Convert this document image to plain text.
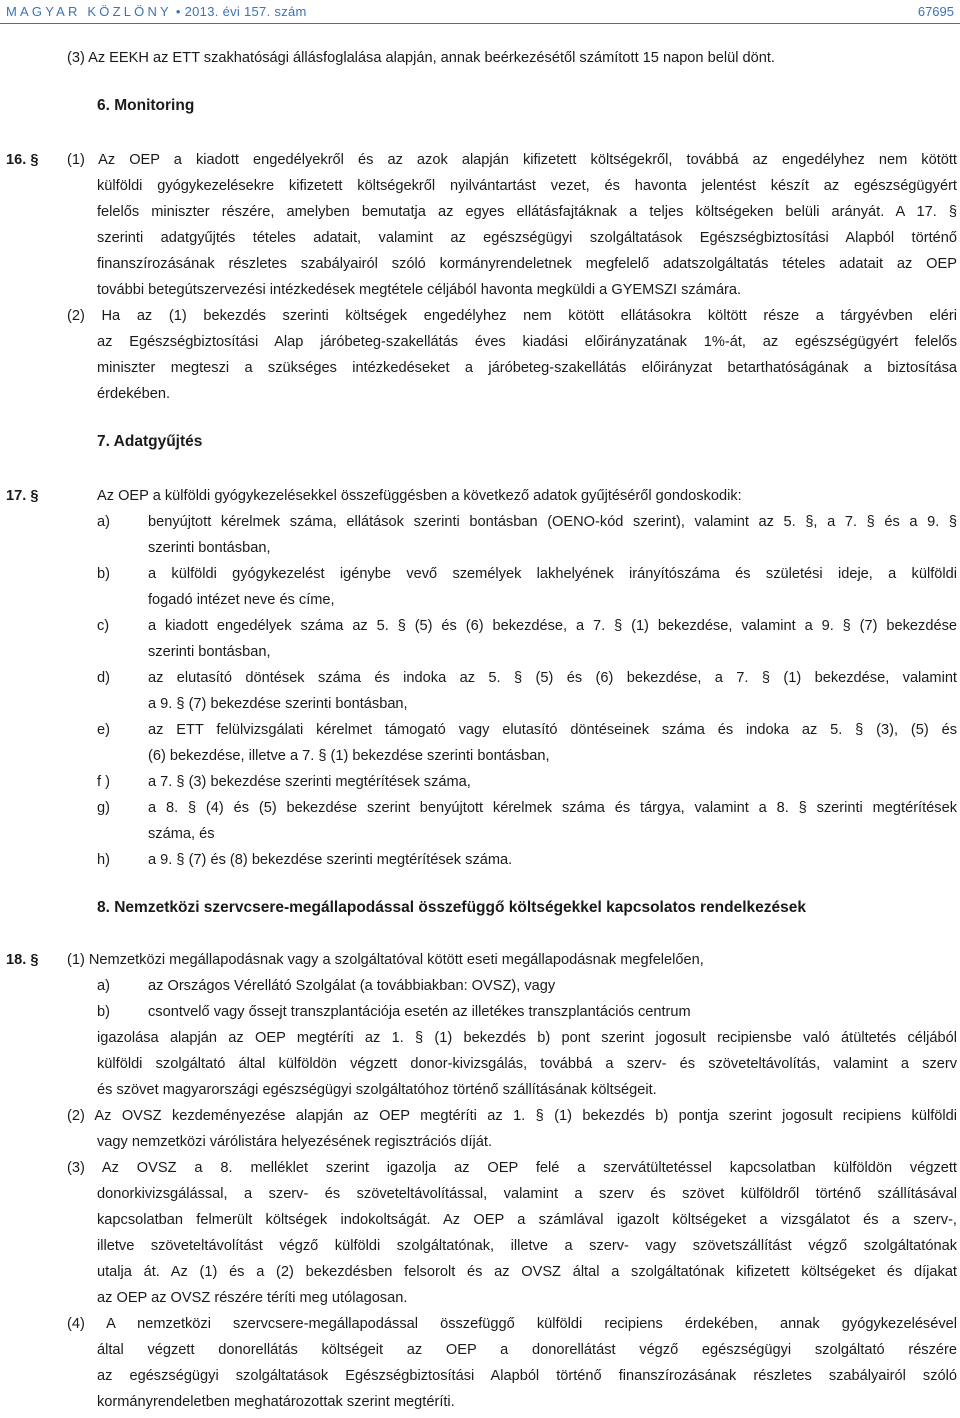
MAGYAR KÖZLÖNY • 2013. évi 157. szám	67695
(3) Az EEKH az ETT szakhatósági állásfoglalása alapján, annak beérkezésétől számított 15 napon belül dönt.
6. Monitoring
16. §	(1) Az OEP a kiadott engedélyekről és az azok alapján kifizetett költségekről, továbbá az engedélyhez nem kötött
külföldi gyógykezelésekre kifizetett költségekről nyilvántartást vezet, és havonta jelentést készít az egészségügyért
felelős miniszter részére, amelyben bemutatja az egyes ellátásfajtáknak a teljes költségeken belüli arányát. A 17. §
szerinti adatgyűjtés tételes adatait, valamint az egészségügyi szolgáltatások Egészségbiztosítási Alapból történő
finanszírozásának részletes szabályairól szóló kormányrendeletnek megfelelő adatszolgáltatás tételes adatait az OEP
további betegútszervezési intézkedések megtétele céljából havonta megküldi a GYEMSZI számára.
(2) Ha az (1) bekezdés szerinti költségek engedélyhez nem kötött ellátásokra költött része a tárgyévben eléri
az Egészségbiztosítási Alap járóbeteg-szakellátás éves kiadási előirányzatának 1%-át, az egészségügyért felelős
miniszter megteszi a szükséges intézkedéseket a járóbeteg-szakellátás előirányzat betarthatóságának a biztosítása
érdekében.
7. Adatgyűjtés
17. §	Az OEP a külföldi gyógykezelésekkel összefüggésben a következő adatok gyűjtéséről gondoskodik:
a)	benyújtott kérelmek száma, ellátások szerinti bontásban (OENO-kód szerint), valamint az 5. §, a 7. § és a 9. §
szerinti bontásban,
b)	a külföldi gyógykezelést igénybe vevő személyek lakhelyének irányítószáma és születési ideje, a külföldi
fogadó intézet neve és címe,
c)	a kiadott engedélyek száma az 5. § (5) és (6) bekezdése, a 7. § (1) bekezdése, valamint a 9. § (7) bekezdése
szerinti bontásban,
d)	az elutasító döntések száma és indoka az 5. § (5) és (6) bekezdése, a 7. § (1) bekezdése, valamint
a 9. § (7) bekezdése szerinti bontásban,
e)	az ETT felülvizsgálati kérelmet támogató vagy elutasító döntéseinek száma és indoka az 5. § (3), (5) és
(6) bekezdése, illetve a 7. § (1) bekezdése szerinti bontásban,
f )	a 7. § (3) bekezdése szerinti megtérítések száma,
g)	a 8. § (4) és (5) bekezdése szerint benyújtott kérelmek száma és tárgya, valamint a 8. § szerinti megtérítések
száma, és
h)	a 9. § (7) és (8) bekezdése szerinti megtérítések száma.
8. Nemzetközi szervcsere-megállapodással összefüggő költségekkel kapcsolatos rendelkezések
18. §	(1) Nemzetközi megállapodásnak vagy a szolgáltatóval kötött eseti megállapodásnak megfelelően,
a)	az Országos Vérellátó Szolgálat (a továbbiakban: OVSZ), vagy
b)	csontvelő vagy őssejt transzplantációja esetén az illetékes transzplantációs centrum
igazolása alapján az OEP megtéríti az 1. § (1) bekezdés b) pont szerint jogosult recipiensbe való átültetés céljából
külföldi szolgáltató által külföldön végzett donor-kivizsgálás, továbbá a szerv- és szöveteltávolítás, valamint a szerv
és szövet magyarországi egészségügyi szolgáltatóhoz történő szállításának költségeit.
(2) Az OVSZ kezdeményezése alapján az OEP megtéríti az 1. § (1) bekezdés b) pontja szerint jogosult recipiens külföldi
vagy nemzetközi várólistára helyezésének regisztrációs díját.
(3) Az OVSZ a 8. melléklet szerint igazolja az OEP felé a szervátültetéssel kapcsolatban külföldön végzett
donorkivizsgálással, a szerv- és szöveteltávolítással, valamint a szerv és szövet külföldről történő szállításával
kapcsolatban felmerült költségek indokoltságát. Az OEP a számlával igazolt költségeket a vizsgálatot és a szerv-,
illetve szöveteltávolítást végző külföldi szolgáltatónak, illetve a szerv- vagy szövetszállítást végző szolgáltatónak
utalja át. Az (1) és a (2) bekezdésben felsorolt és az OVSZ által a szolgáltatónak kifizetett költségeket és díjakat
az OEP az OVSZ részére téríti meg utólagosan.
(4) A nemzetközi szervcsere-megállapodással összefüggő külföldi recipiens érdekében, annak gyógykezelésével
által végzett donorellátás költségeit az OEP a donorellátást végző egészségügyi szolgáltató részére
az egészségügyi szolgáltatások Egészségbiztosítási Alapból történő finanszírozásának részletes szabályairól szóló
kormányrendeletben meghatározottak szerint megtéríti.
